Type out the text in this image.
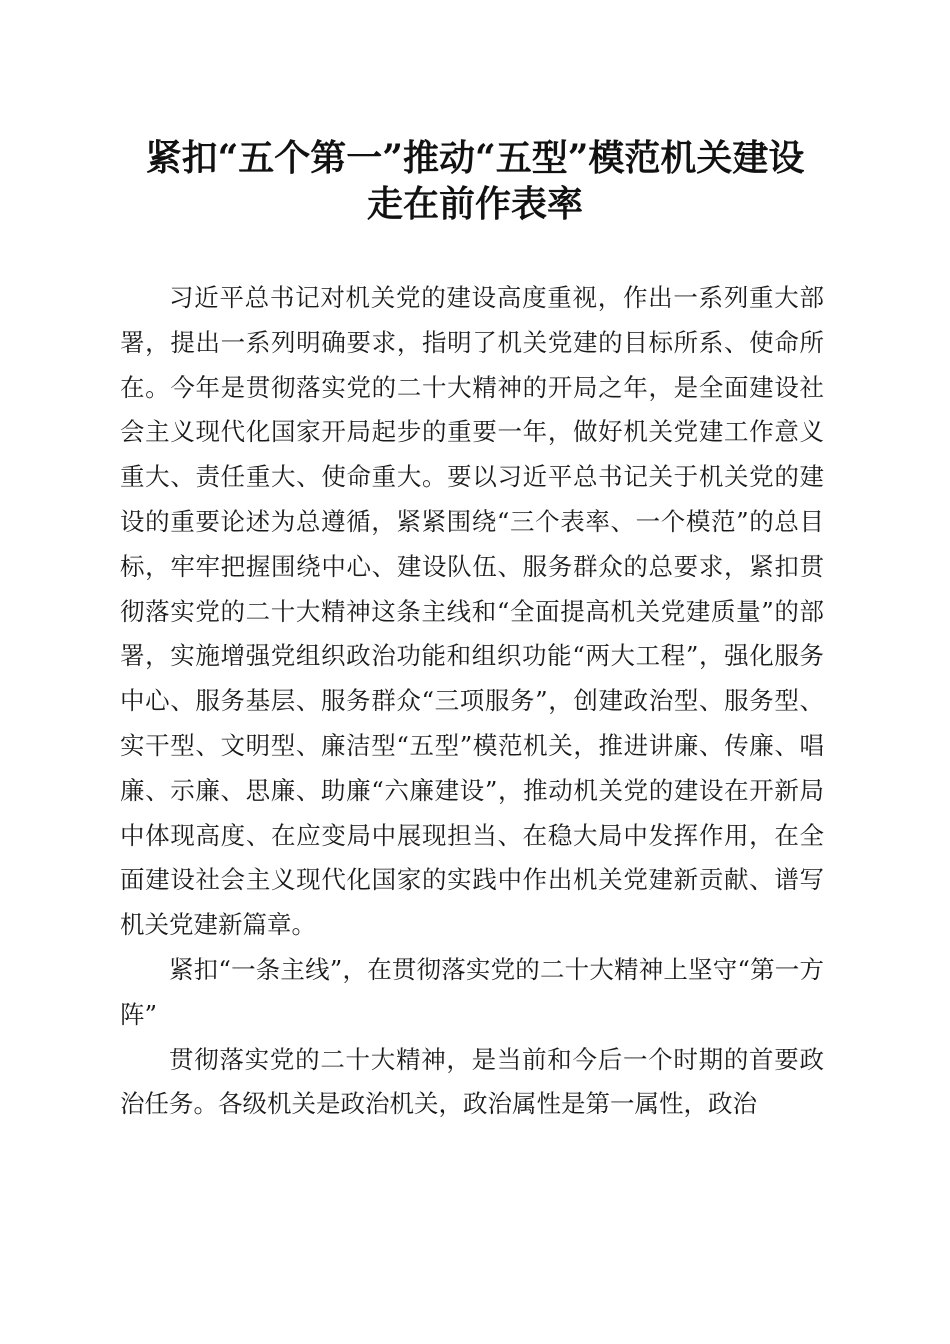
紧扣“五个第一”推动“五型”模范机关建设
走在前作表率

习近平总书记对机关党的建设高度重视，作出一系列重大部署，提出一系列明确要求，指明了机关党建的目标所系、使命所在。今年是贯彻落实党的二十大精神的开局之年，是全面建设社会主义现代化国家开局起步的重要一年，做好机关党建工作意义重大、责任重大、使命重大。要以习近平总书记关于机关党的建设的重要论述为总遵循，紧紧围绕“三个表率、一个模范”的总目标，牢牢把握围绕中心、建设队伍、服务群众的总要求，紧扣贯彻落实党的二十大精神这条主线和“全面提高机关党建质量”的部署，实施增强党组织政治功能和组织功能“两大工程”，强化服务中心、服务基层、服务群众“三项服务”，创建政治型、服务型、实干型、文明型、廉洁型“五型”模范机关，推进讲廉、传廉、唱廉、示廉、思廉、助廉“六廉建设”，推动机关党的建设在开新局中体现高度、在应变局中展现担当、在稳大局中发挥作用，在全面建设社会主义现代化国家的实践中作出机关党建新贡献、谱写机关党建新篇章。

紧扣“一条主线”，在贯彻落实党的二十大精神上坚守“第一方阵”

贯彻落实党的二十大精神，是当前和今后一个时期的首要政治任务。各级机关是政治机关，政治属性是第一属性，政治
